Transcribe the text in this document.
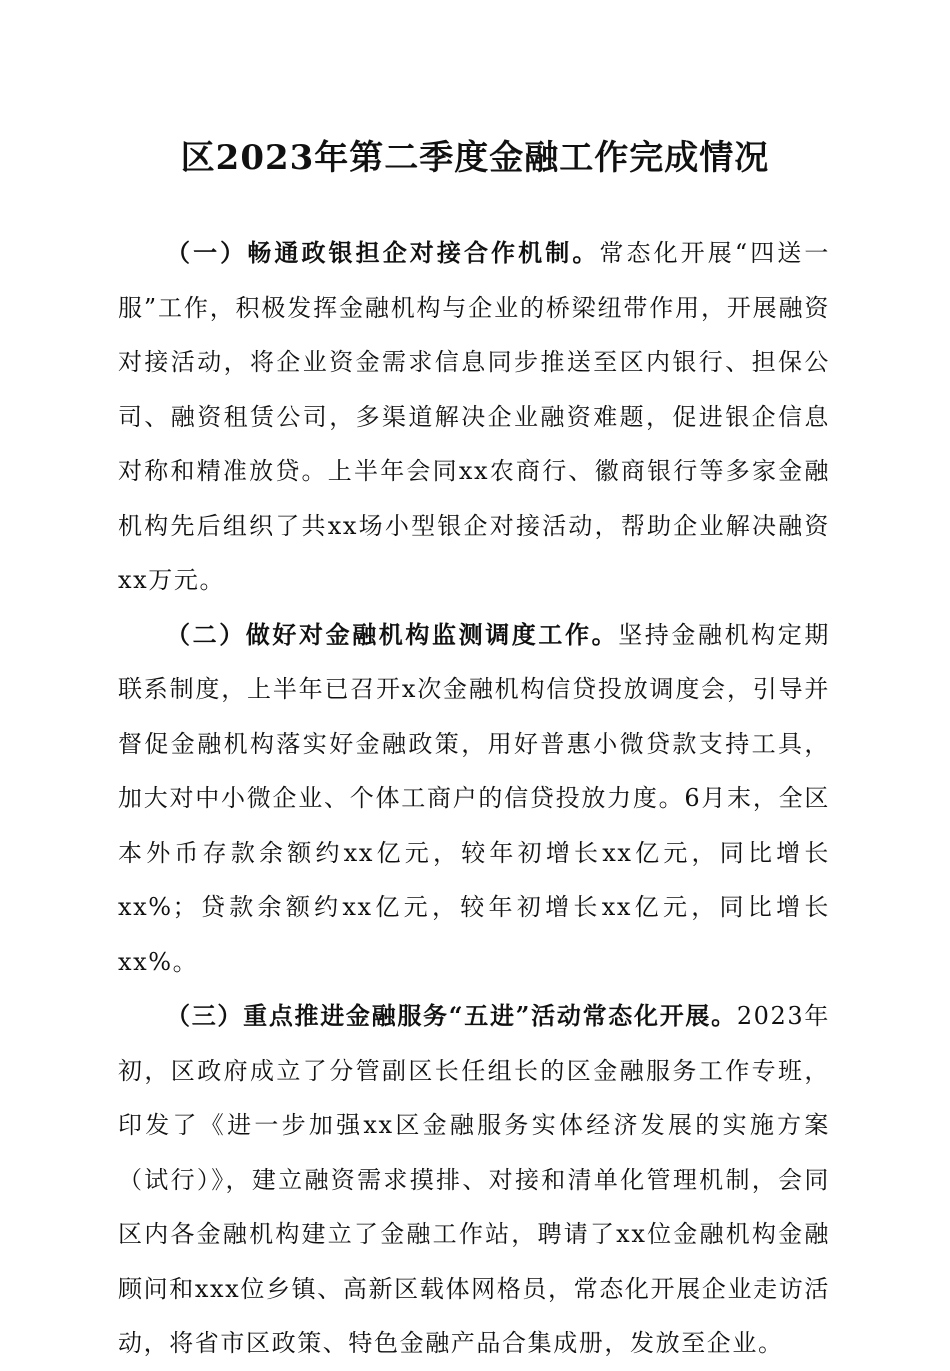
区2023年第二季度金融工作完成情况

（一）畅通政银担企对接合作机制。常态化开展“四送一服”工作，积极发挥金融机构与企业的桥梁纽带作用，开展融资对接活动，将企业资金需求信息同步推送至区内银行、担保公司、融资租赁公司，多渠道解决企业融资难题，促进银企信息对称和精准放贷。上半年会同xx农商行、徽商银行等多家金融机构先后组织了共xx场小型银企对接活动，帮助企业解决融资xx万元。

（二）做好对金融机构监测调度工作。坚持金融机构定期联系制度，上半年已召开x次金融机构信贷投放调度会，引导并督促金融机构落实好金融政策，用好普惠小微贷款支持工具，加大对中小微企业、个体工商户的信贷投放力度。6月末，全区本外币存款余额约xx亿元，较年初增长xx亿元，同比增长xx%；贷款余额约xx亿元，较年初增长xx亿元，同比增长xx%。

（三）重点推进金融服务“五进”活动常态化开展。2023年初，区政府成立了分管副区长任组长的区金融服务工作专班，印发了《进一步加强xx区金融服务实体经济发展的实施方案（试行）》，建立融资需求摸排、对接和清单化管理机制，会同区内各金融机构建立了金融工作站，聘请了xx位金融机构金融顾问和xxx位乡镇、高新区载体网格员，常态化开展企业走访活动，将省市区政策、特色金融产品合集成册，发放至企业。
